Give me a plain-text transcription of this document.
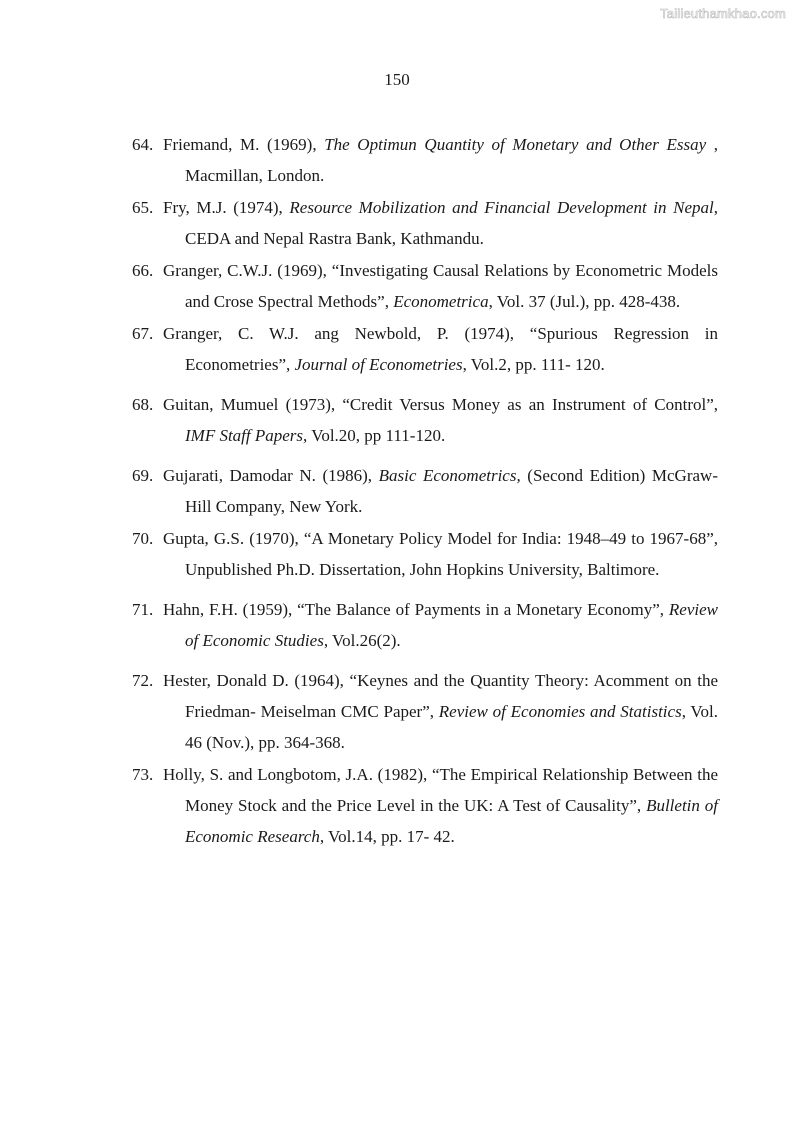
Tailieuthamkhao.com
150
64. Friemand, M. (1969), The Optimun Quantity of Monetary and Other Essay , Macmillan, London.
65. Fry, M.J. (1974), Resource Mobilization and Financial Development in Nepal, CEDA and Nepal Rastra Bank, Kathmandu.
66. Granger, C.W.J. (1969), “Investigating Causal Relations by Econometric Models and Crose Spectral Methods”, Econometrica, Vol. 37 (Jul.), pp. 428-438.
67. Granger, C. W.J. ang Newbold, P. (1974), “Spurious Regression in Econometries”, Journal of Econometries, Vol.2, pp. 111- 120.
68. Guitan, Mumuel (1973), “Credit Versus Money as an Instrument of Control”, IMF Staff Papers, Vol.20, pp 111-120.
69. Gujarati, Damodar N. (1986), Basic Econometrics, (Second Edition) McGraw- Hill Company, New York.
70. Gupta, G.S. (1970), “A Monetary Policy Model for India: 1948–49 to 1967-68”, Unpublished Ph.D. Dissertation, John Hopkins University, Baltimore.
71. Hahn, F.H. (1959), “The Balance of Payments in a Monetary Economy”, Review of Economic Studies, Vol.26(2).
72. Hester, Donald D. (1964), “Keynes and the Quantity Theory: Acomment on the Friedman- Meiselman CMC Paper”, Review of Economies and Statistics, Vol. 46 (Nov.), pp. 364-368.
73. Holly, S. and Longbotom, J.A. (1982), “The Empirical Relationship Between the Money Stock and the Price Level in the UK: A Test of Causality”, Bulletin of Economic Research, Vol.14, pp. 17- 42.
